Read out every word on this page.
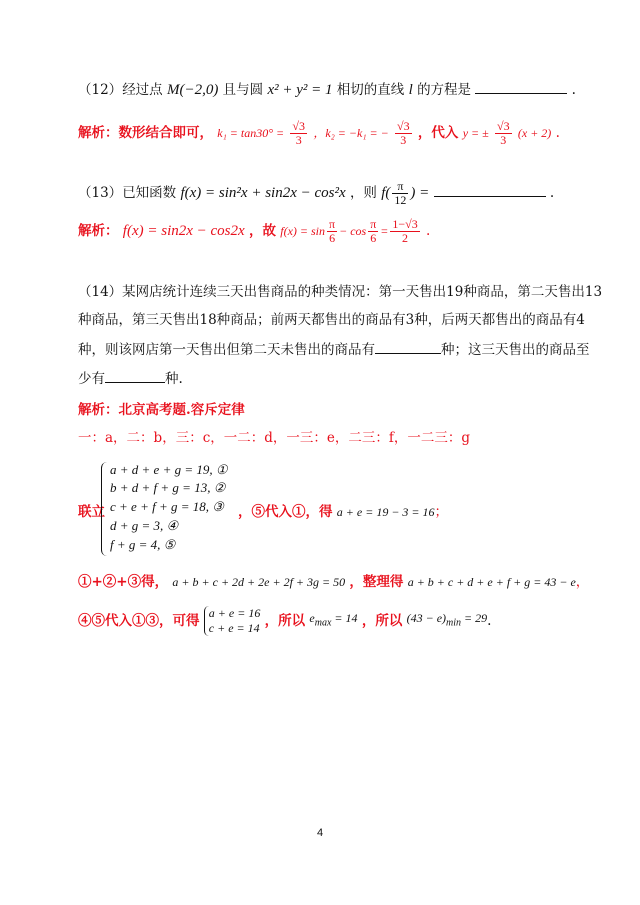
（12）经过点 M(−2,0) 且与圆 x² + y² = 1 相切的直线 l 的方程是	.
解析：数形结合即可， $k_1 = \tan 30^\circ = \frac{√3}{3}$ ，k₂ = −k₁ = − $\frac{√3}{3}$ ，代入 y = ± $\frac{√3}{3} (x + 2)$ .
（13）已知函数 f(x) = sin²x + sin2x − cos²x ，则 $f( \frac{\pi}{12}$ ) =	.
解析： f(x) = sin2x − cos2x ，故 $f(x) = \sin \frac{\pi}{6} - \cos \frac{\pi}{6} = \frac{1-√3}{2}$ .
（14）某网店统计连续三天出售商品的种类情况：第一天售出19种商品，第二天售出13
种商品，第三天售出18种商品；前两天都售出的商品有3种，后两天都售出的商品有4
种，则该网店第一天售出但第二天未售出的商品有	种；这三天售出的商品至
少有	种.
解析：北京高考题.容斥定律
一：a，二：b，三：c，一二：d，一三：e，二三：f，一二三：g
联立
a + d + e + g = 19, ①
b + d + f + g = 13, ②
c + e + f + g = 18, ③
d + g = 3, ④
f + g = 4, ⑤
，⑤代入①，得 a + e = 19 − 3 = 16；
①+②+③得， a + b + c + 2d + 2e + 2f + 3g = 50 ，整理得 a + b + c + d + e + f + g = 43 − e，
④⑤代入①③，可得 a + e = 16
c + e = 14 ，所以 $e_{max} = 14$ ，所以 $(43 - e)_{min} = 29$.
4
